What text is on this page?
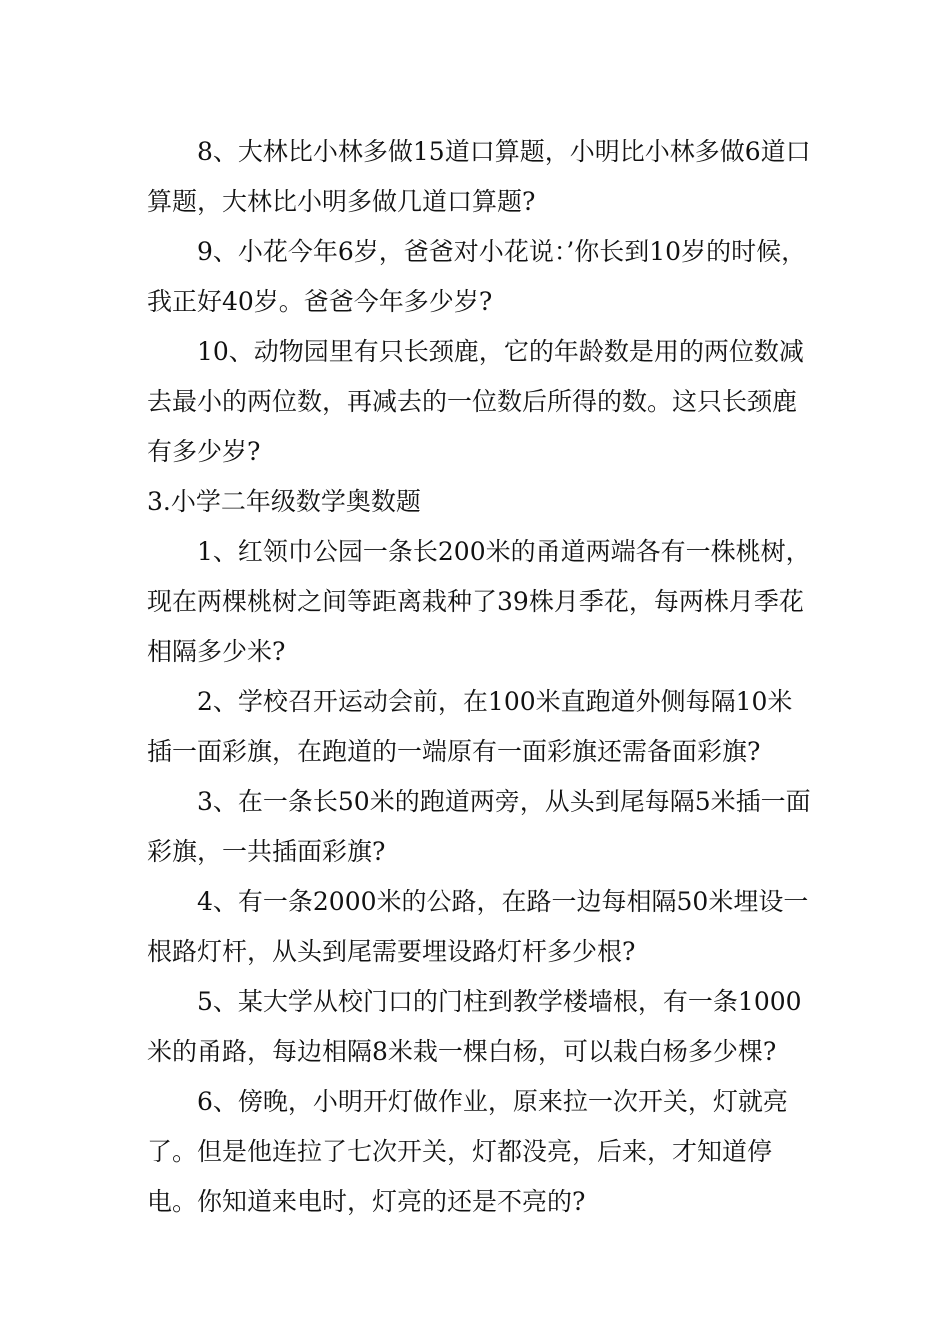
8、大林比小林多做15道口算题，小明比小林多做6道口算题，大林比小明多做几道口算题?

9、小花今年6岁，爸爸对小花说：’你长到10岁的时候，我正好40岁。爸爸今年多少岁?

10、动物园里有只长颈鹿，它的年龄数是用的两位数减去最小的两位数，再减去的一位数后所得的数。这只长颈鹿有多少岁?

3.小学二年级数学奥数题

1、红领巾公园一条长200米的甬道两端各有一株桃树，现在两棵桃树之间等距离栽种了39株月季花，每两株月季花相隔多少米?

2、学校召开运动会前，在100米直跑道外侧每隔10米插一面彩旗，在跑道的一端原有一面彩旗还需备面彩旗?

3、在一条长50米的跑道两旁，从头到尾每隔5米插一面彩旗，一共插面彩旗?

4、有一条2000米的公路，在路一边每相隔50米埋设一根路灯杆，从头到尾需要埋设路灯杆多少根?

5、某大学从校门口的门柱到教学楼墙根，有一条1000米的甬路，每边相隔8米栽一棵白杨，可以栽白杨多少棵?

6、傍晚，小明开灯做作业，原来拉一次开关，灯就亮了。但是他连拉了七次开关，灯都没亮，后来，才知道停电。你知道来电时，灯亮的还是不亮的?
